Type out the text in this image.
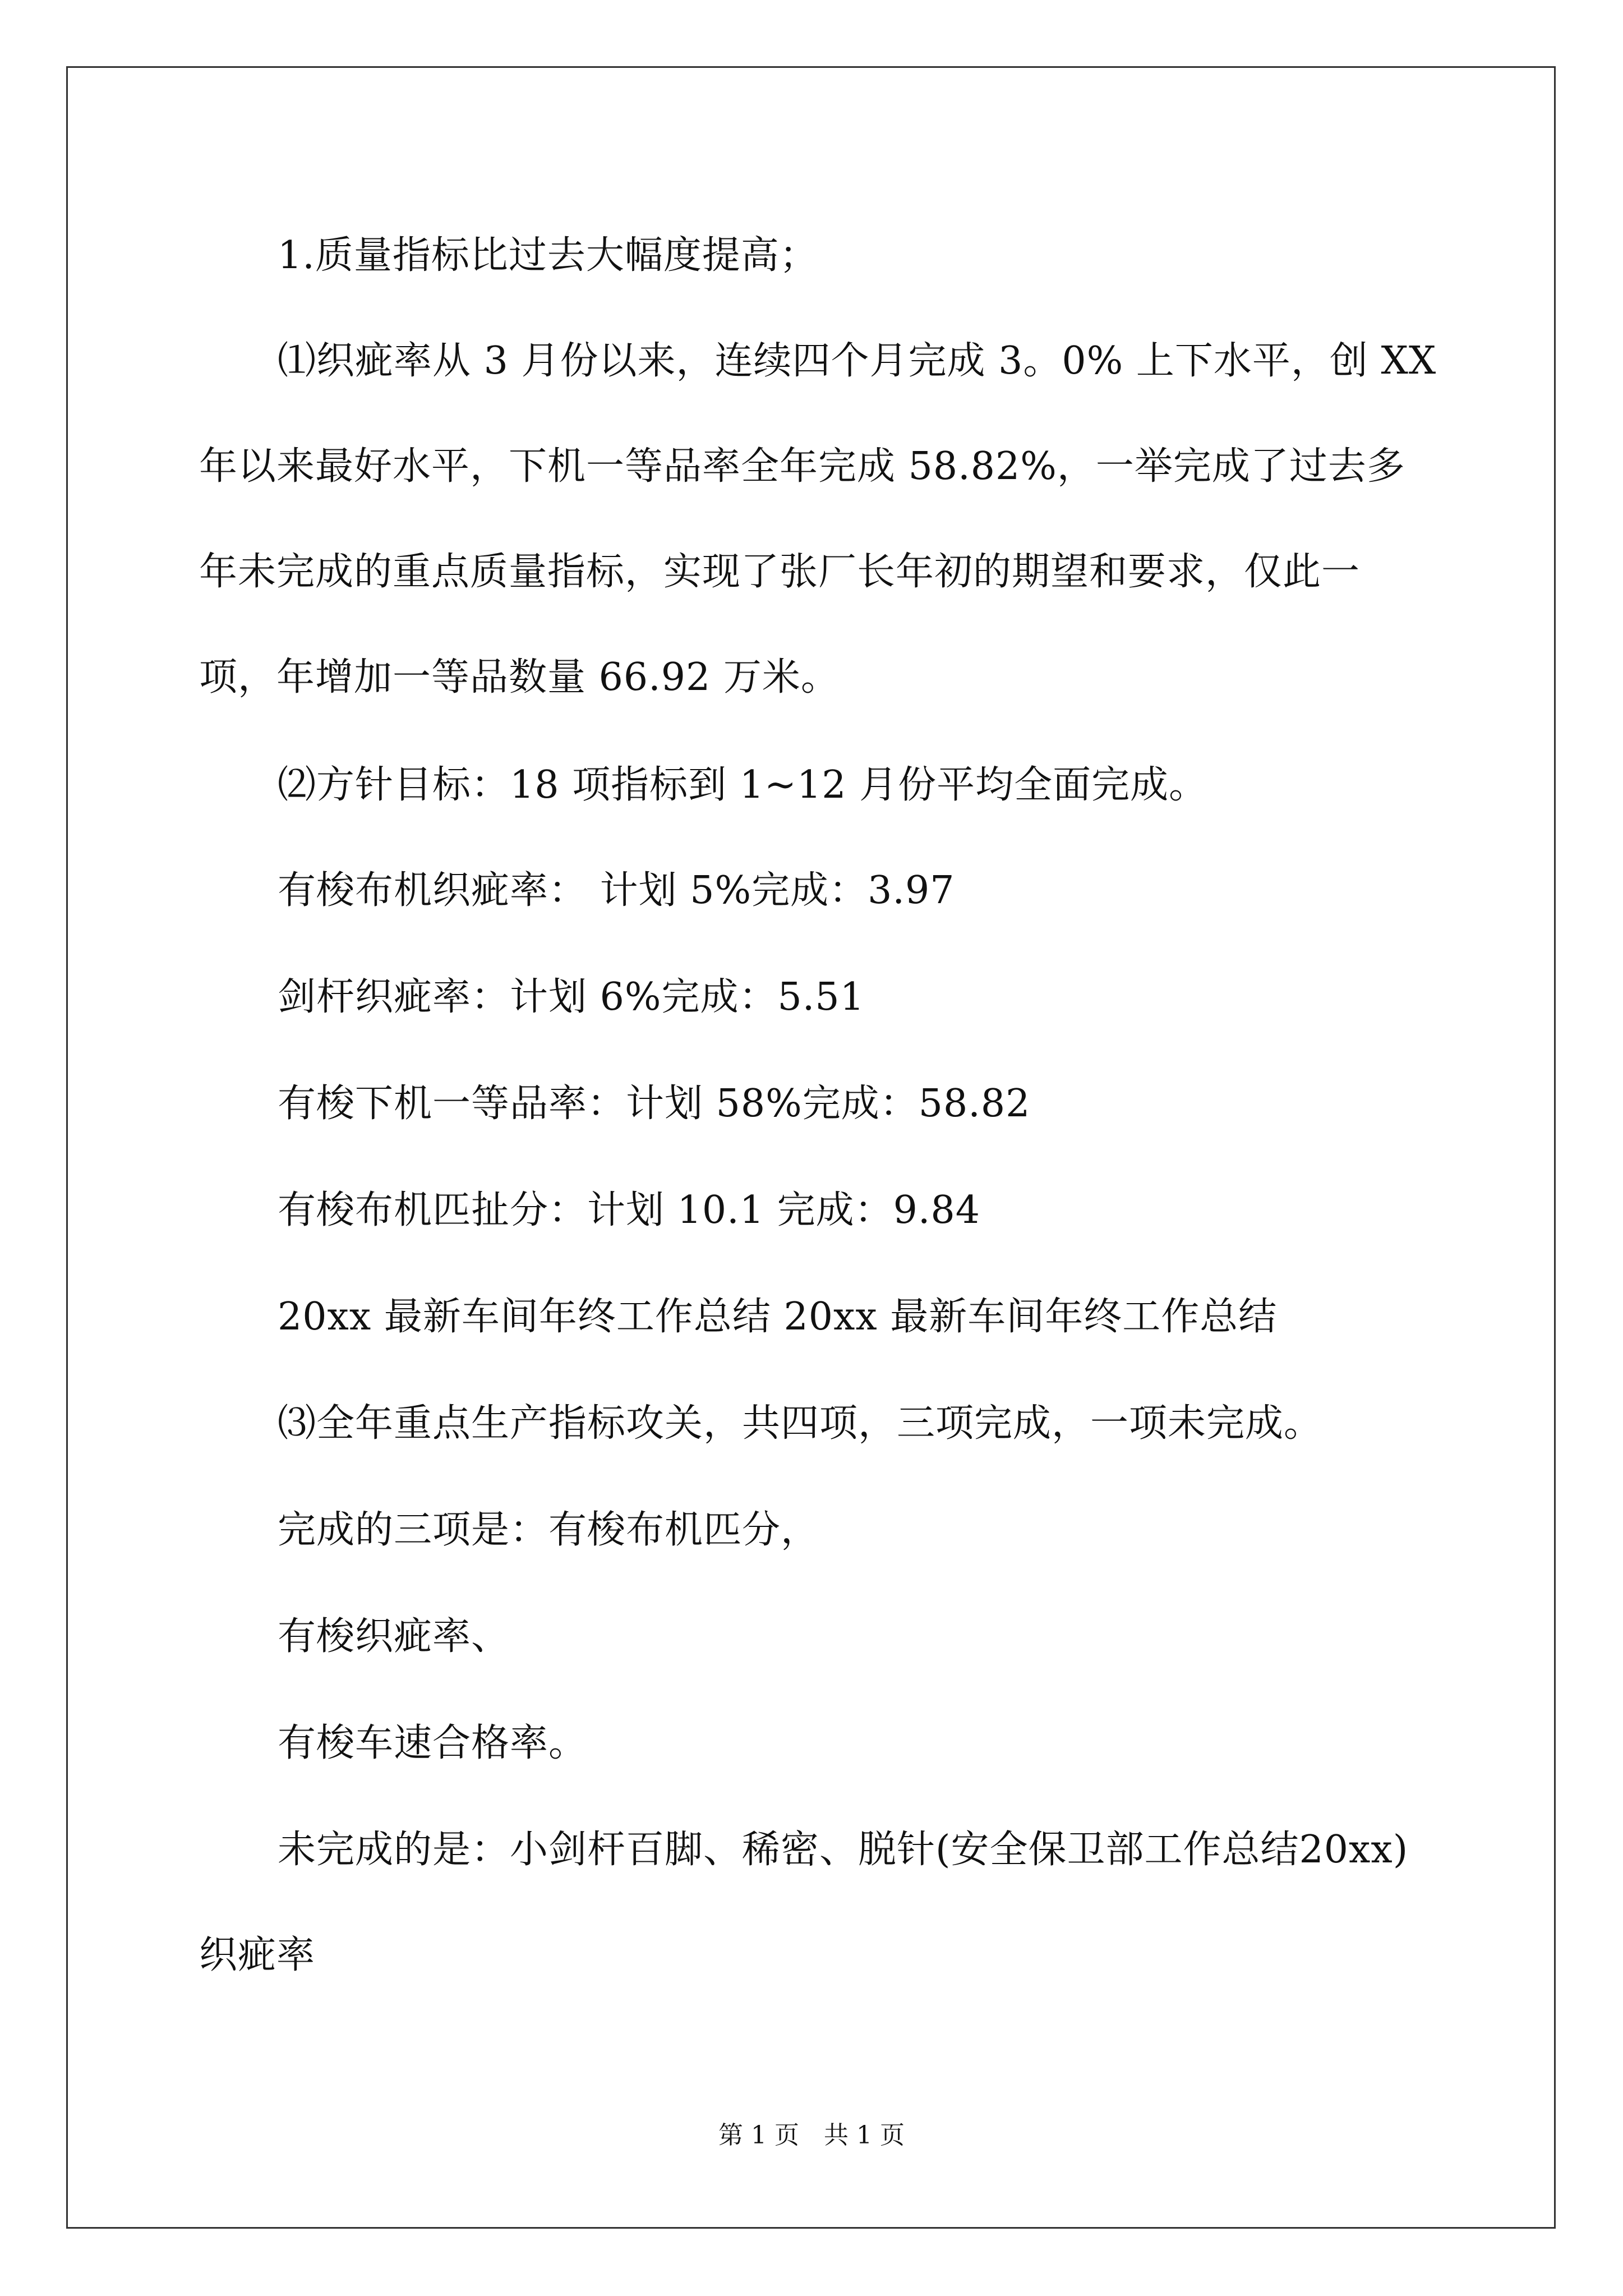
1.质量指标比过去大幅度提高；
⑴织疵率从 3 月份以来，连续四个月完成 3。0% 上下水平，创 XX
年以来最好水平，下机一等品率全年完成 58.82%，一举完成了过去多
年未完成的重点质量指标，实现了张厂长年初的期望和要求，仅此一
项，年增加一等品数量 66.92 万米。
⑵方针目标：18 项指标到 1~12 月份平均全面完成。
有梭布机织疵率： 计划 5%完成：3.97
剑杆织疵率：计划 6%完成：5.51
有梭下机一等品率：计划 58%完成：58.82
有梭布机匹扯分：计划 10.1 完成：9.84
20xx 最新车间年终工作总结 20xx 最新车间年终工作总结
⑶全年重点生产指标攻关，共四项，三项完成，一项未完成。
完成的三项是：有梭布机匹分，
有梭织疵率、
有梭车速合格率。
未完成的是：小剑杆百脚、稀密、脱针(安全保卫部工作总结20xx)
织疵率
第 1 页　共 1 页
